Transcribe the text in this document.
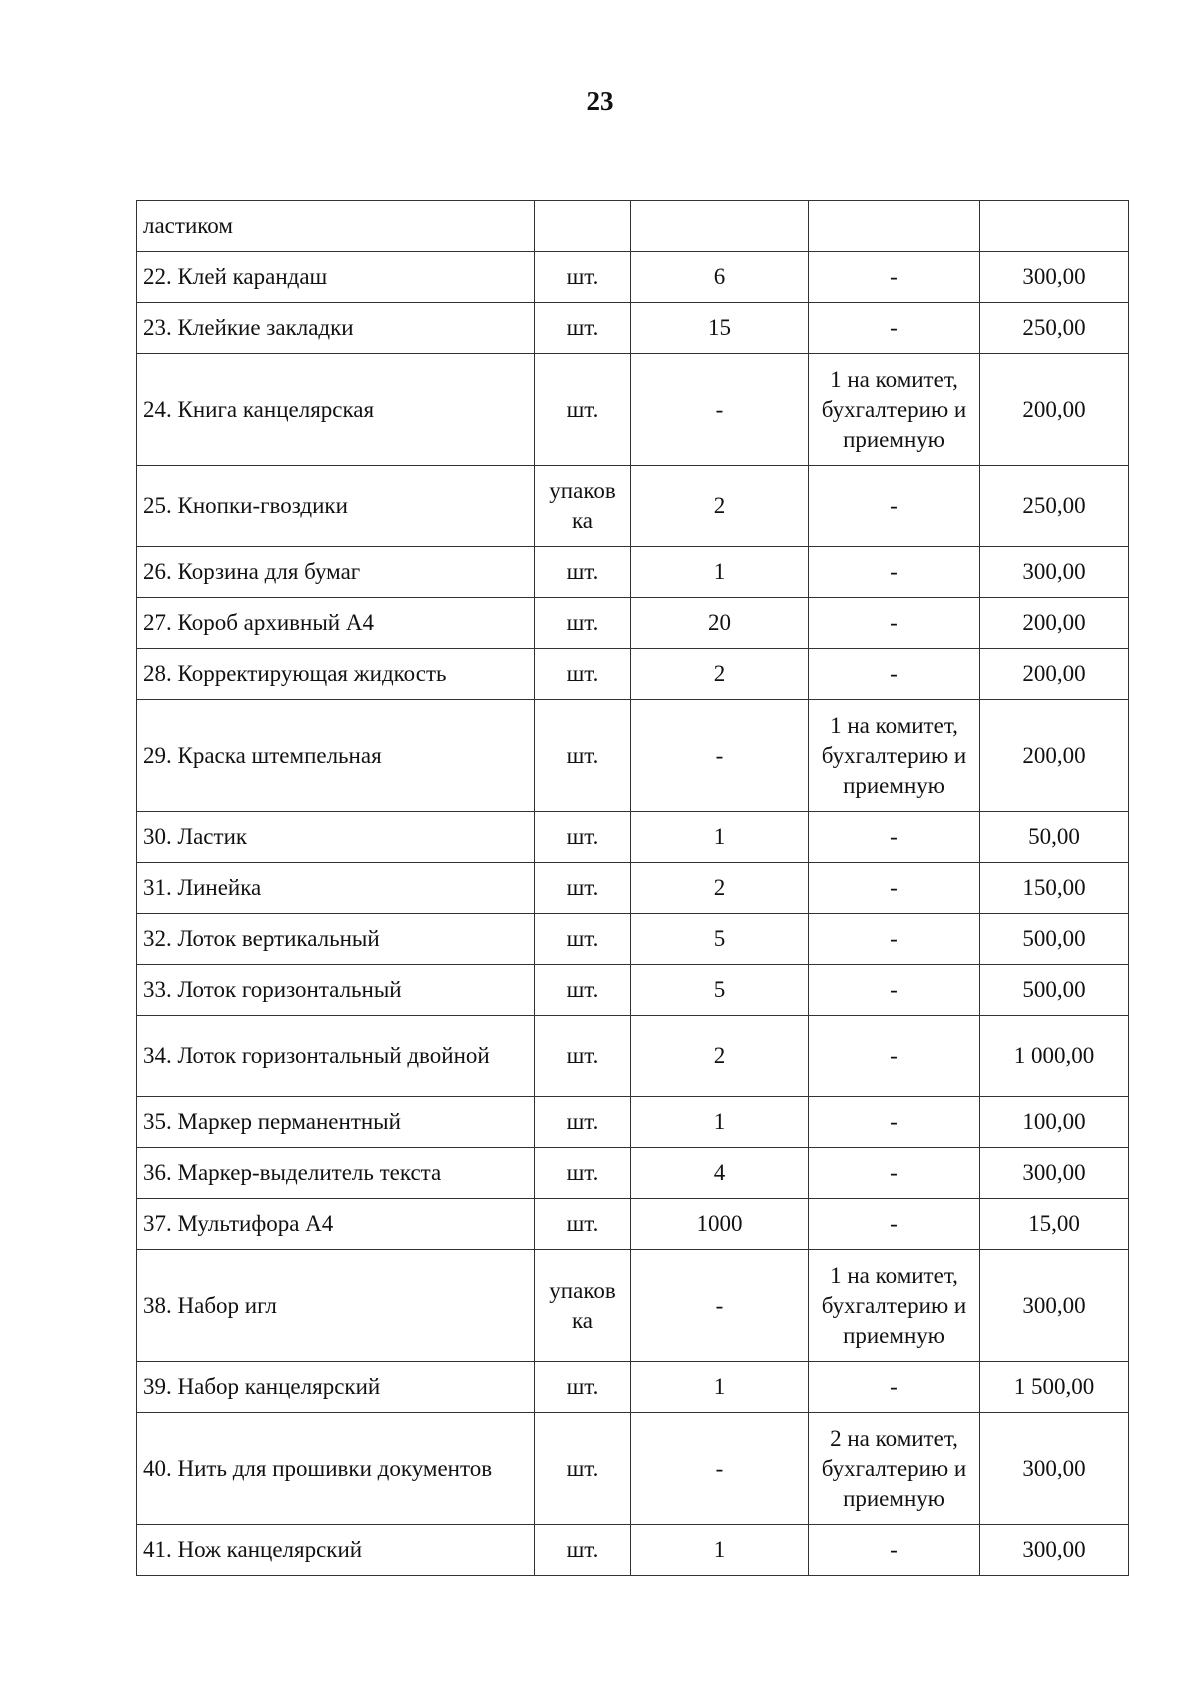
23
ластиком				
22. Клей карандаш	шт.	6	-	300,00
23. Клейкие закладки	шт.	15	-	250,00
24. Книга канцелярская	шт.	-	1 на комитет, бухгалтерию и приемную	200,00
25. Кнопки-гвоздики	упаков ка	2	-	250,00
26. Корзина для бумаг	шт.	1	-	300,00
27. Короб архивный А4	шт.	20	-	200,00
28. Корректирующая жидкость	шт.	2	-	200,00
29. Краска штемпельная	шт.	-	1 на комитет, бухгалтерию и приемную	200,00
30. Ластик	шт.	1	-	50,00
31. Линейка	шт.	2	-	150,00
32. Лоток вертикальный	шт.	5	-	500,00
33. Лоток горизонтальный	шт.	5	-	500,00
34. Лоток горизонтальный двойной	шт.	2	-	1 000,00
35. Маркер перманентный	шт.	1	-	100,00
36. Маркер-выделитель текста	шт.	4	-	300,00
37. Мультифора А4	шт.	1000	-	15,00
38. Набор игл	упаков ка	-	1 на комитет, бухгалтерию и приемную	300,00
39. Набор канцелярский	шт.	1	-	1 500,00
40. Нить для прошивки документов	шт.	-	2 на комитет, бухгалтерию и приемную	300,00
41. Нож канцелярский	шт.	1	-	300,00
